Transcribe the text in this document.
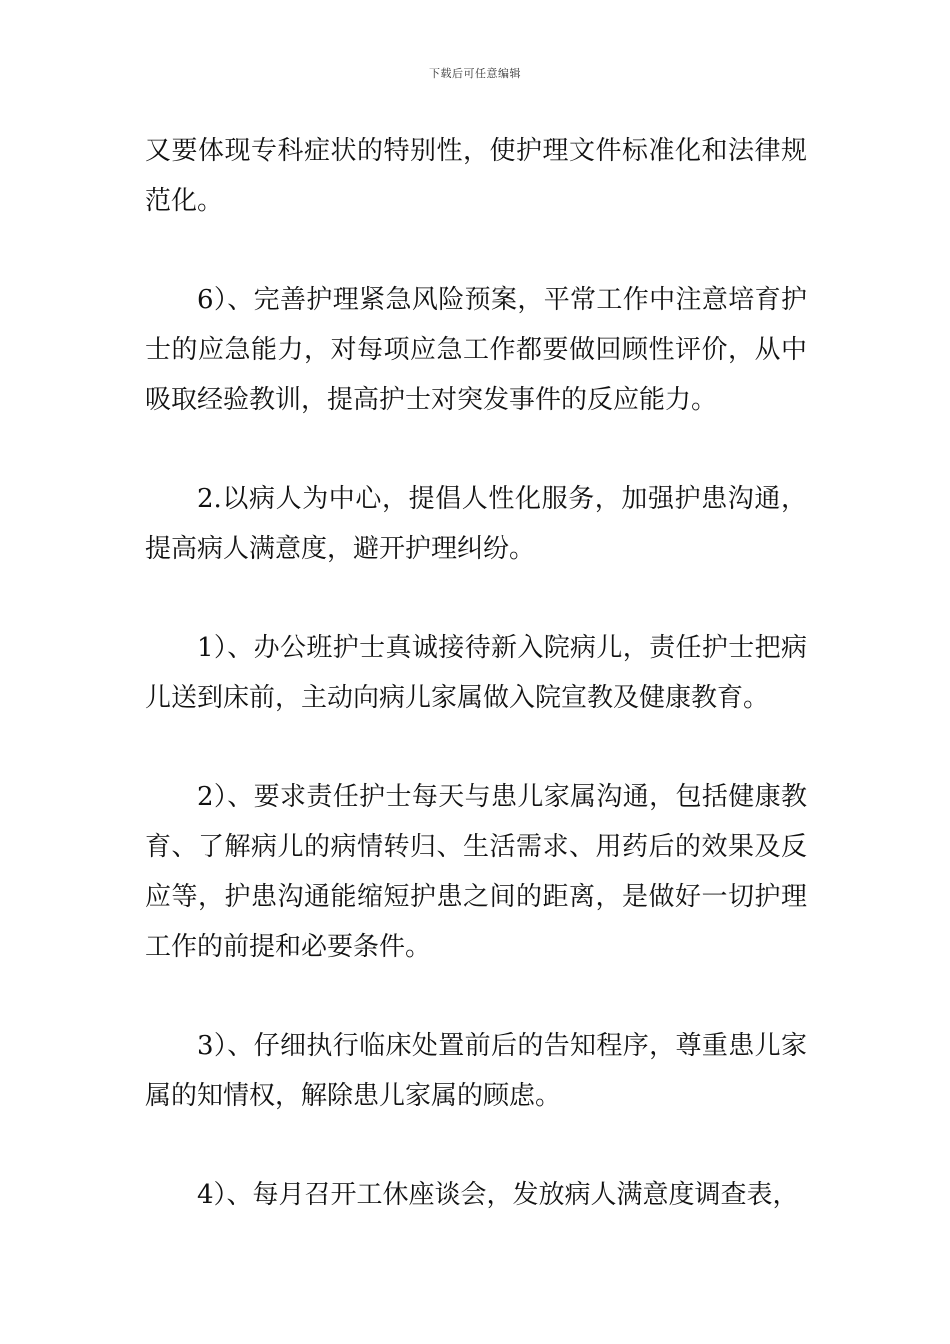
下载后可任意编辑

又要体现专科症状的特别性，使护理文件标准化和法律规范化。

6）、完善护理紧急风险预案，平常工作中注意培育护士的应急能力，对每项应急工作都要做回顾性评价，从中吸取经验教训，提高护士对突发事件的反应能力。

2.以病人为中心，提倡人性化服务，加强护患沟通，提高病人满意度，避开护理纠纷。

1）、办公班护士真诚接待新入院病儿，责任护士把病儿送到床前，主动向病儿家属做入院宣教及健康教育。

2）、要求责任护士每天与患儿家属沟通，包括健康教育、了解病儿的病情转归、生活需求、用药后的效果及反应等，护患沟通能缩短护患之间的距离，是做好一切护理工作的前提和必要条件。

3）、仔细执行临床处置前后的告知程序，尊重患儿家属的知情权，解除患儿家属的顾虑。

4）、每月召开工休座谈会，发放病人满意度调查表，
